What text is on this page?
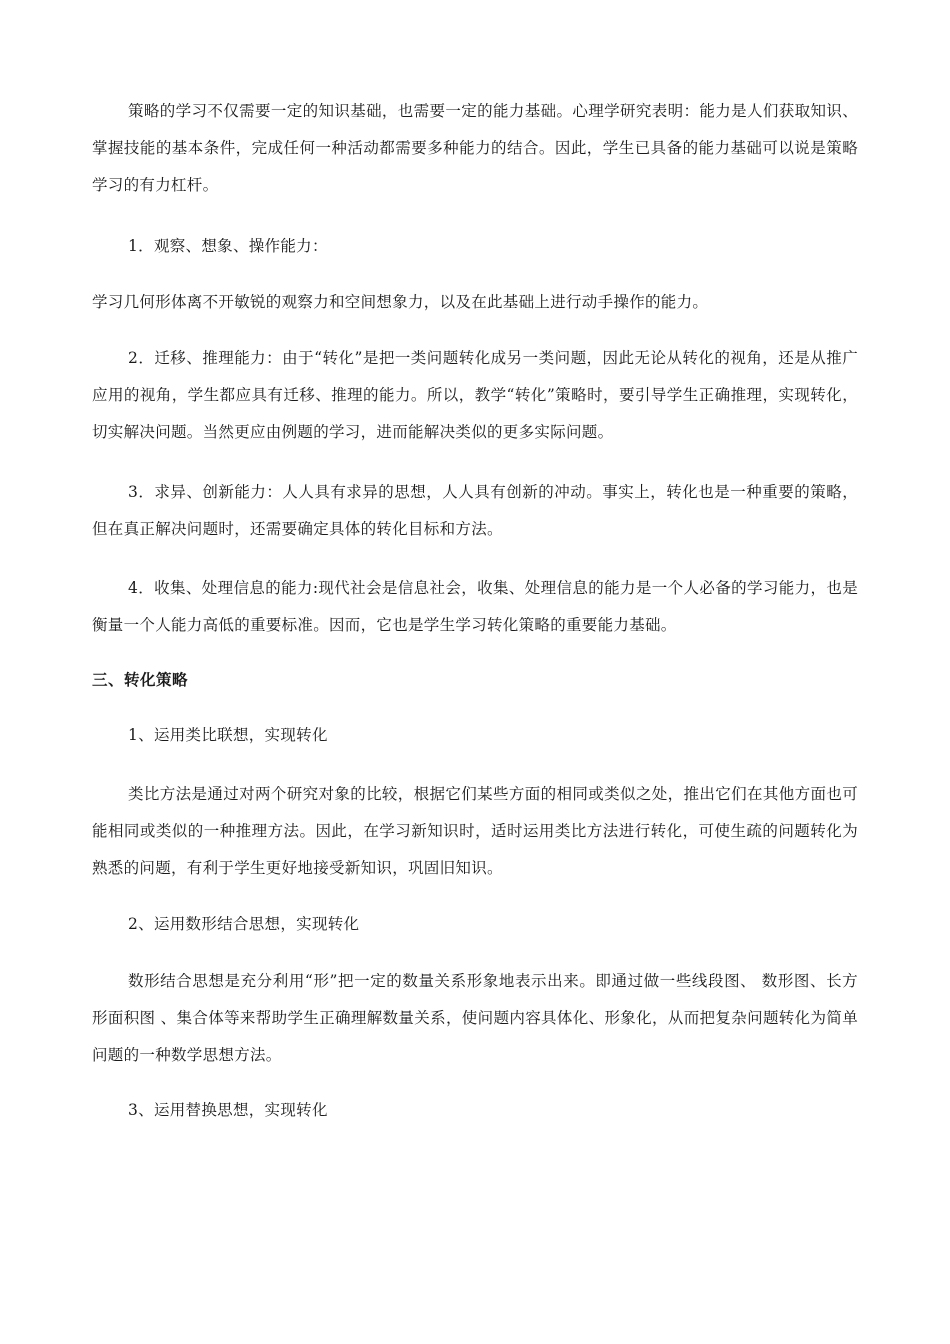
策略的学习不仅需要一定的知识基础，也需要一定的能力基础。心理学研究表明：能力是人们获取知识、掌握技能的基本条件，完成任何一种活动都需要多种能力的结合。因此，学生已具备的能力基础可以说是策略学习的有力杠杆。

1．观察、想象、操作能力：

学习几何形体离不开敏锐的观察力和空间想象力，以及在此基础上进行动手操作的能力。

2．迁移、推理能力：由于“转化”是把一类问题转化成另一类问题，因此无论从转化的视角，还是从推广应用的视角，学生都应具有迁移、推理的能力。所以，教学“转化”策略时，要引导学生正确推理，实现转化，切实解决问题。当然更应由例题的学习，进而能解决类似的更多实际问题。

3．求异、创新能力：人人具有求异的思想，人人具有创新的冲动。事实上，转化也是一种重要的策略，但在真正解决问题时，还需要确定具体的转化目标和方法。

4．收集、处理信息的能力:现代社会是信息社会，收集、处理信息的能力是一个人必备的学习能力，也是衡量一个人能力高低的重要标准。因而，它也是学生学习转化策略的重要能力基础。

三、转化策略

1、运用类比联想，实现转化

类比方法是通过对两个研究对象的比较，根据它们某些方面的相同或类似之处，推出它们在其他方面也可能相同或类似的一种推理方法。因此，在学习新知识时，适时运用类比方法进行转化，可使生疏的问题转化为熟悉的问题，有利于学生更好地接受新知识，巩固旧知识。

2、运用数形结合思想，实现转化

数形结合思想是充分利用“形”把一定的数量关系形象地表示出来。即通过做一些线段图、 数形图、长方形面积图 、集合体等来帮助学生正确理解数量关系，使问题内容具体化、形象化，从而把复杂问题转化为简单问题的一种数学思想方法。

3、运用替换思想，实现转化
